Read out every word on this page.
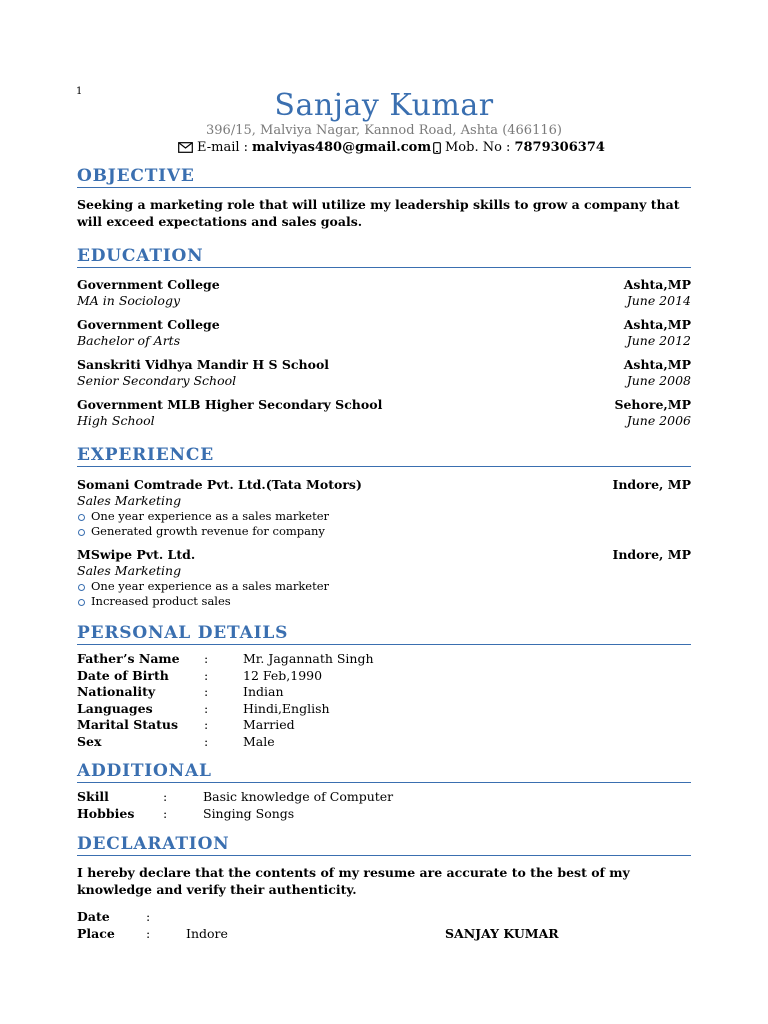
1	Sanjay Kumar
396/15, Malviya Nagar, Kannod Road, Ashta (466116)
E-mail : malviyas480@gmail.com Mob. No : 7879306374
OBJECTIVE
Seeking a marketing role that will utilize my leadership skills to grow a company that will exceed expectations and sales goals.
EDUCATION
Government College	Ashta,MP
MA in Sociology	June 2014
Government College	Ashta,MP
Bachelor of Arts	June 2012
Sanskriti Vidhya Mandir H S School	Ashta,MP
Senior Secondary School	June 2008
Government MLB Higher Secondary School	Sehore,MP
High School	June 2006
EXPERIENCE
Somani Comtrade Pvt. Ltd.(Tata Motors)	Indore, MP
Sales Marketing
One year experience as a sales marketer
Generated growth revenue for company
MSwipe Pvt. Ltd.	Indore, MP
Sales Marketing
One year experience as a sales marketer
Increased product sales
PERSONAL DETAILS
Father’s Name	:	Mr. Jagannath Singh
Date of Birth	:	12 Feb,1990
Nationality	:	Indian
Languages	:	Hindi,English
Marital Status	:	Married
Sex	:	Male
ADDITIONAL
Skill	:	Basic knowledge of Computer
Hobbies	:	Singing Songs
DECLARATION
I hereby declare that the contents of my resume are accurate to the best of my knowledge and verify their authenticity.
Date	:
Place	:	Indore	SANJAY KUMAR
